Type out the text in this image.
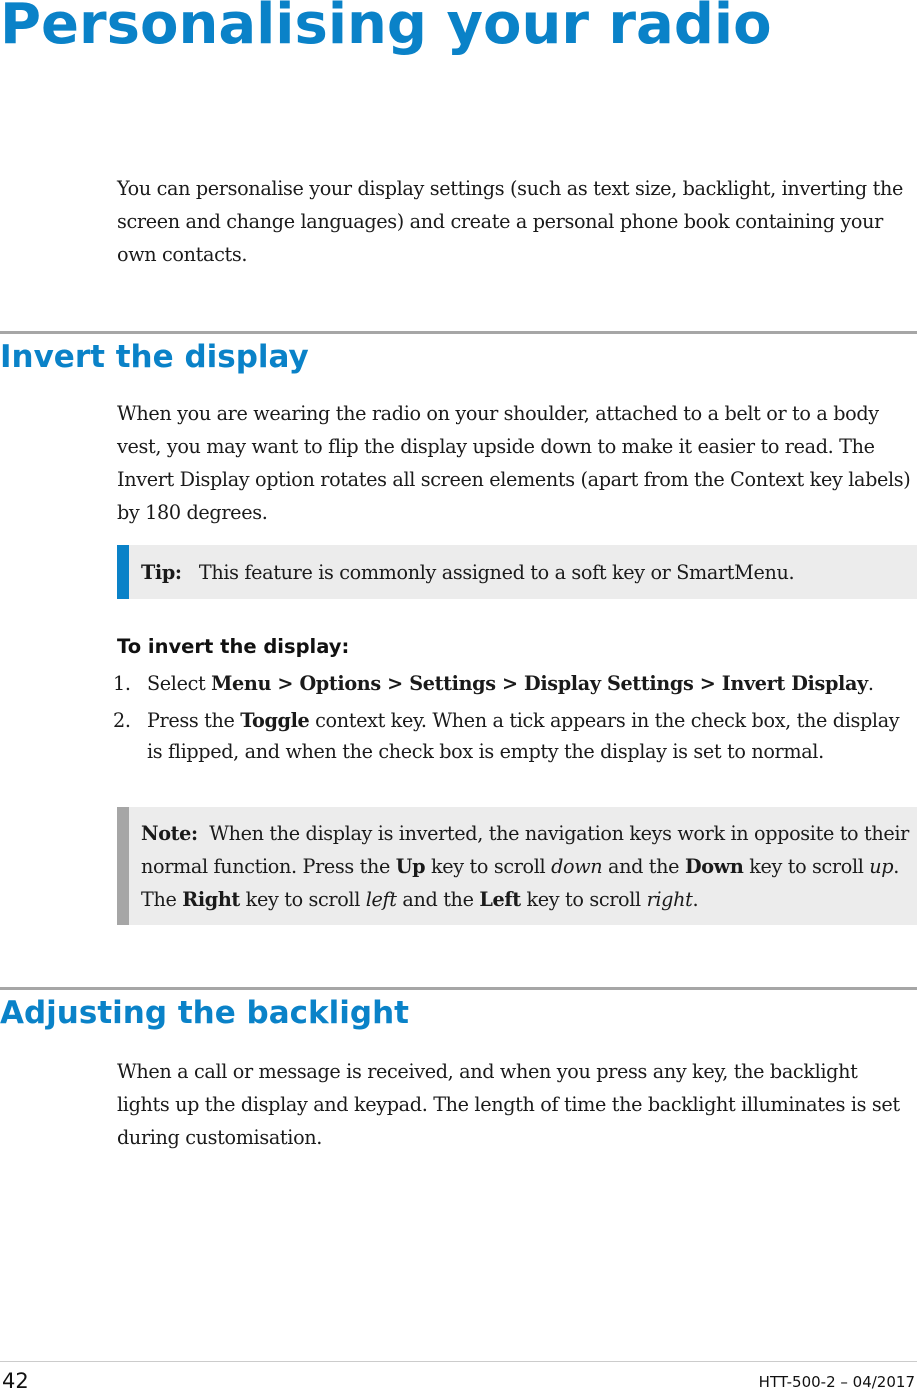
Personalising your radio

You can personalise your display settings (such as text size, backlight, inverting the screen and change languages) and create a personal phone book containing your own contacts.

Invert the display

When you are wearing the radio on your shoulder, attached to a belt or to a body vest, you may want to flip the display upside down to make it easier to read. The Invert Display option rotates all screen elements (apart from the Context key labels) by 180 degrees.

Tip: This feature is commonly assigned to a soft key or SmartMenu.
To invert the display:
1. Select Menu > Options > Settings > Display Settings > Invert Display.
2. Press the Toggle context key. When a tick appears in the check box, the display is flipped, and when the check box is empty the display is set to normal.
Note: When the display is inverted, the navigation keys work in opposite to their normal function. Press the Up key to scroll down and the Down key to scroll up. The Right key to scroll left and the Left key to scroll right.
Adjusting the backlight

When a call or message is received, and when you press any key, the backlight lights up the display and keypad. The length of time the backlight illuminates is set during customisation.

42	HTT-500-2 – 04/2017
